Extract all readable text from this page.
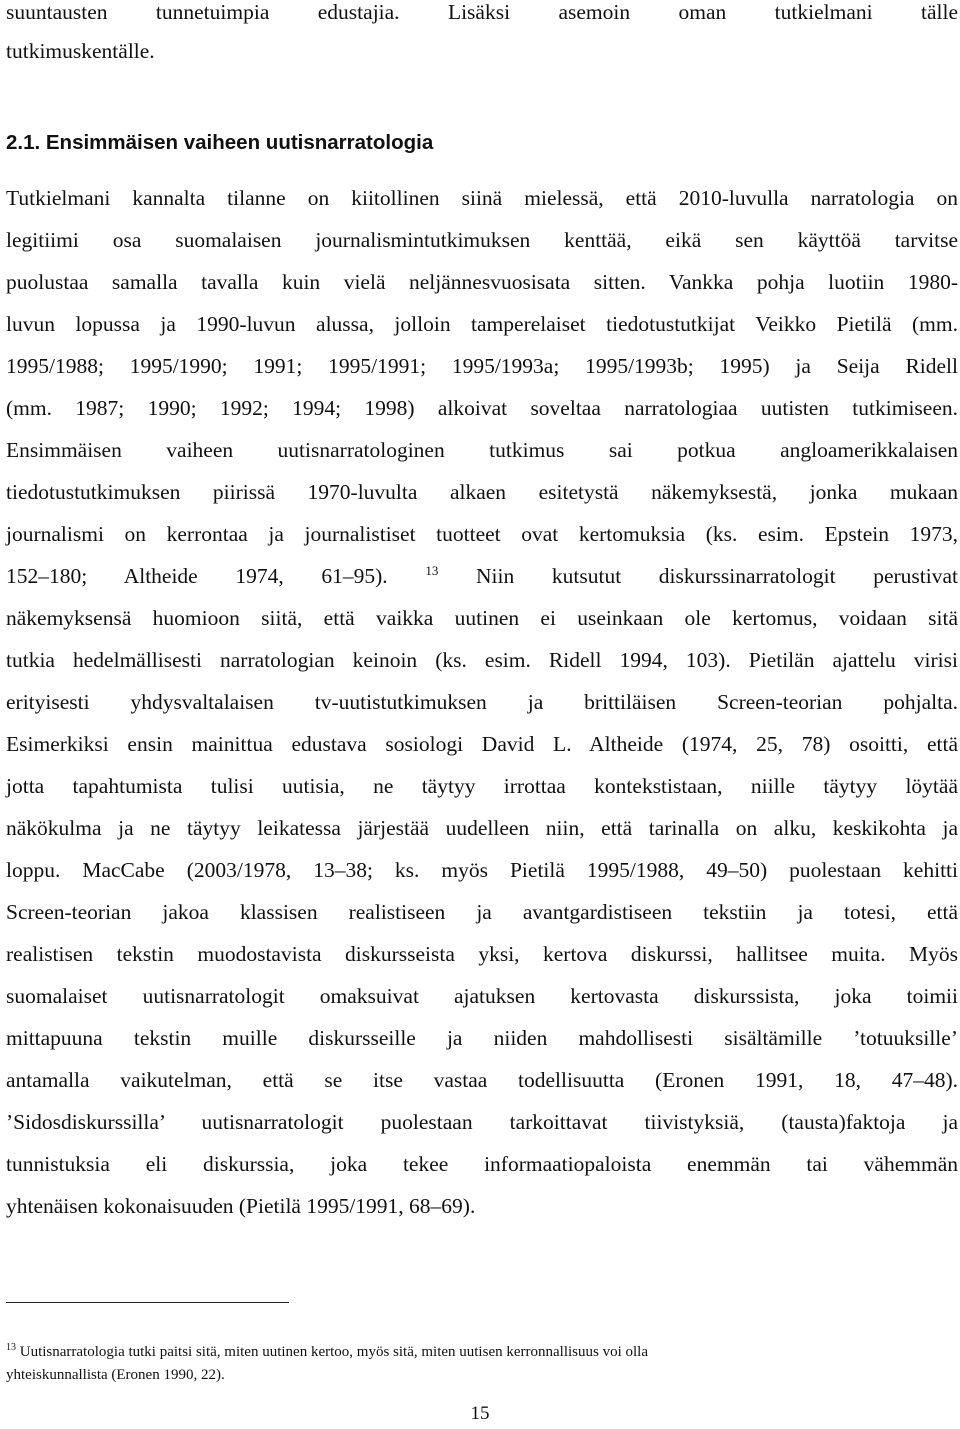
suuntausten tunnetuimpia edustajia. Lisäksi asemoin oman tutkielmani tälle
tutkimuskentälle.
2.1. Ensimmäisen vaiheen uutisnarratologia
Tutkielmani kannalta tilanne on kiitollinen siinä mielessä, että 2010-luvulla narratologia on
legitiimi osa suomalaisen journalismintutkimuksen kenttää, eikä sen käyttöä tarvitse
puolustaa samalla tavalla kuin vielä neljännesvuosisata sitten. Vankka pohja luotiin 1980-
luvun lopussa ja 1990-luvun alussa, jolloin tamperelaiset tiedotustutkijat Veikko Pietilä (mm.
1995/1988; 1995/1990; 1991; 1995/1991; 1995/1993a; 1995/1993b; 1995) ja Seija Ridell
(mm. 1987; 1990; 1992; 1994; 1998) alkoivat soveltaa narratologiaa uutisten tutkimiseen.
Ensimmäisen vaiheen uutisnarratologinen tutkimus sai potkua angloamerikkalaisen
tiedotustutkimuksen piirissä 1970-luvulta alkaen esitetystä näkemyksestä, jonka mukaan
journalismi on kerrontaa ja journalistiset tuotteet ovat kertomuksia (ks. esim. Epstein 1973,
152–180; Altheide 1974, 61–95).	$^{13}$ Niin kutsutut diskurssinarratologit perustivat
näkemyksensä huomioon siitä, että vaikka uutinen ei useinkaan ole kertomus, voidaan sitä
tutkia hedelmällisesti narratologian keinoin (ks. esim. Ridell 1994, 103). Pietilän ajattelu virisi
erityisesti yhdysvaltalaisen tv-uutistutkimuksen ja brittiläisen Screen-teorian pohjalta.
Esimerkiksi ensin mainittua edustava sosiologi David L. Altheide (1974, 25, 78) osoitti, että
jotta tapahtumista tulisi uutisia, ne täytyy irrottaa kontekstistaan, niille täytyy löytää
näkökulma ja ne täytyy leikatessa järjestää uudelleen niin, että tarinalla on alku, keskikohta ja
loppu. MacCabe (2003/1978, 13–38; ks. myös Pietilä 1995/1988, 49–50) puolestaan kehitti
Screen-teorian jakoa klassisen realistiseen ja avantgardistiseen tekstiin ja totesi, että
realistisen tekstin muodostavista diskursseista yksi, kertova diskurssi, hallitsee muita. Myös
suomalaiset uutisnarratologit omaksuivat ajatuksen kertovasta diskurssista, joka toimii
mittapuuna tekstin muille diskursseille ja niiden mahdollisesti sisältämille ’totuuksille’
antamalla vaikutelman, että se itse vastaa todellisuutta (Eronen 1991, 18, 47–48).
’Sidosdiskurssilla’ uutisnarratologit puolestaan tarkoittavat tiivistyksiä, (tausta)faktoja ja
tunnistuksia eli diskurssia, joka tekee informaatiopaloista enemmän tai vähemmän
yhtenäisen kokonaisuuden (Pietilä 1995/1991, 68–69).
$^{13}$ Uutisnarratologia tutki paitsi sitä, miten uutinen kertoo, myös sitä, miten uutisen kerronnallisuus voi olla
yhteiskunnallista (Eronen 1990, 22).
15
